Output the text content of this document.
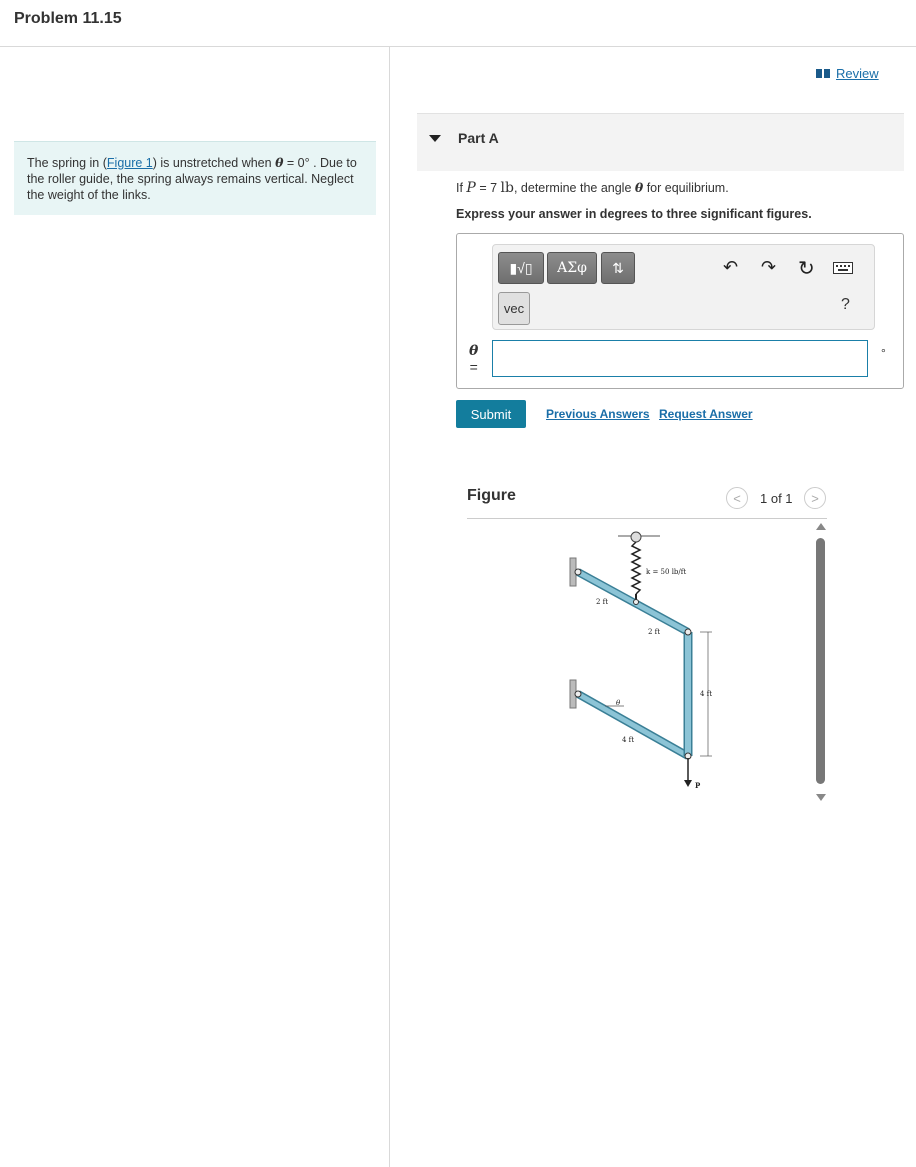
Problem 11.15
The spring in (Figure 1) is unstretched when θ = 0° . Due to the roller guide, the spring always remains vertical. Neglect the weight of the links.
Review
Part A
If P = 7 lb, determine the angle θ for equilibrium.
Express your answer in degrees to three significant figures.
▮√▯	ΑΣφ	⇅
vec
↶ ↷ ↻
?
θ
=
°
Submit	Previous Answers Request Answer
Figure	<	1 of 1	>
k = 50 lb/ft
2 ft
2 ft
4 ft
4 ft
θ
P
